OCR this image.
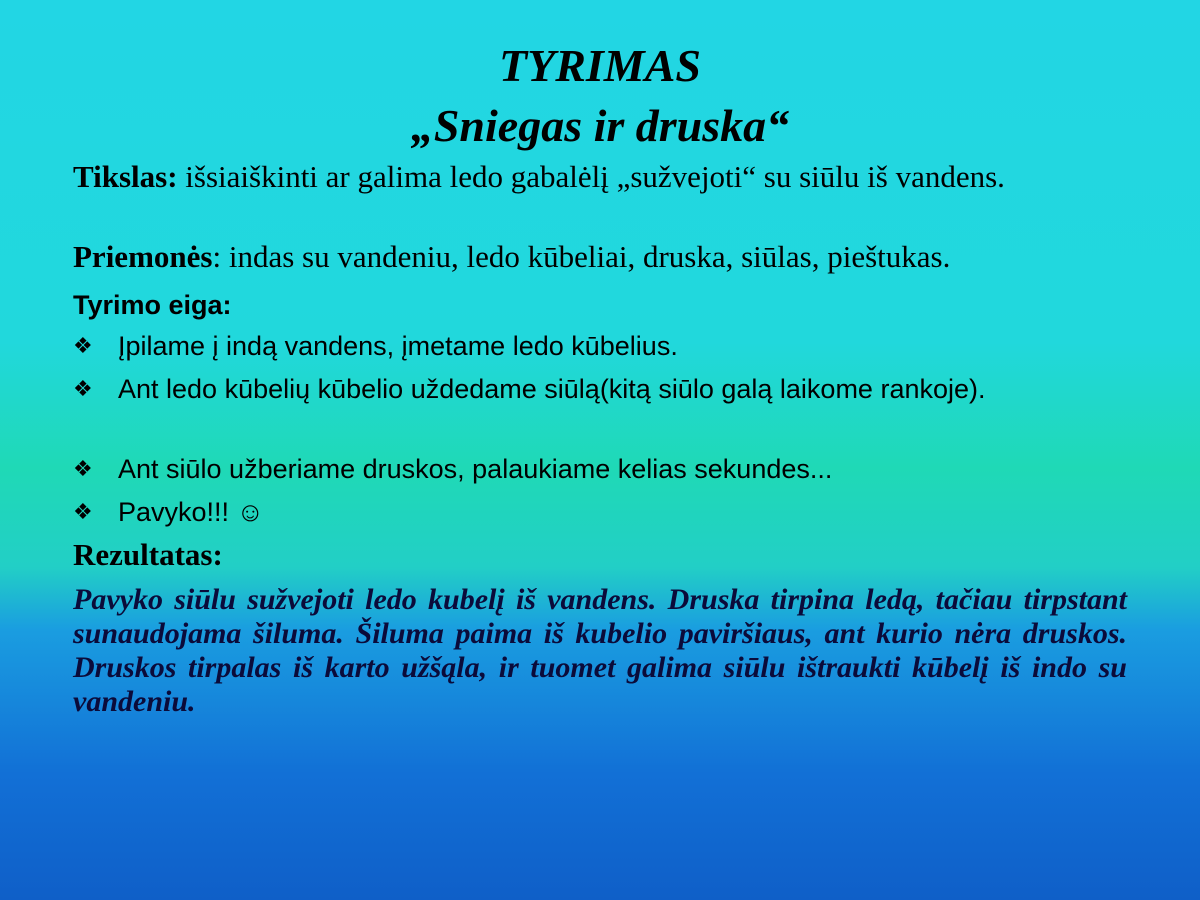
TYRIMAS
„Sniegas ir druska“
Tikslas: išsiaiškinti ar galima ledo gabalėlį „sužvejoti“ su siūlu iš vandens.
Priemonės: indas su vandeniu, ledo kūbeliai, druska, siūlas, pieštukas.
Tyrimo eiga:
❖ Įpilame į indą vandens, įmetame ledo kūbelius.
❖ Ant ledo kūbelių kūbelio uždedame siūlą(kitą siūlo galą laikome rankoje).
❖ Ant siūlo užberiame druskos, palaukiame kelias sekundes...
❖ Pavyko!!! ☺
Rezultatas:
Pavyko siūlu sužvejoti ledo kubelį iš vandens. Druska tirpina ledą, tačiau tirpstant sunaudojama šiluma. Šiluma paima iš kubelio paviršiaus, ant kurio nėra druskos. Druskos tirpalas iš karto užšąla, ir tuomet galima siūlu ištraukti kūbelį iš indo su vandeniu.
